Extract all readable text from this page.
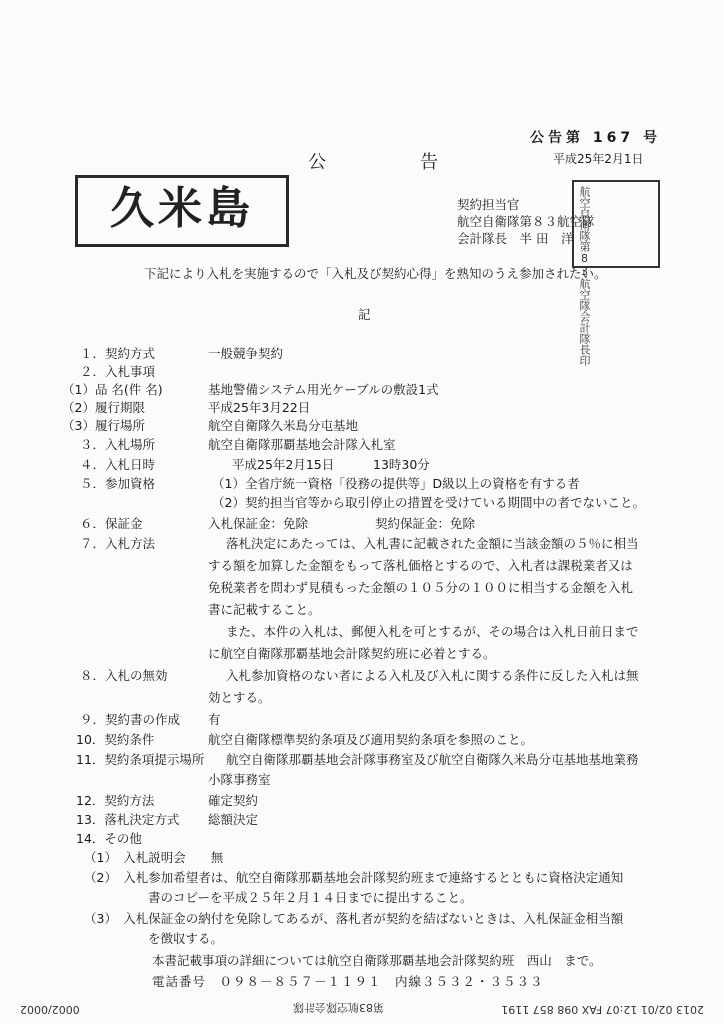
公告第 167 号
公　告	平成25年2月1日
久米島	契約担当官
航空自衛隊第８３航空隊
会計隊長　半 田　洋 航空自衛隊第83航空隊会計隊長印
下記により入札を実施するので「入札及び契約心得」を熟知のうえ参加されたい。
記
１．契約方式	一般競争契約
２．入札事項
（1）品 名(件 名)	基地警備システム用光ケーブルの敷設1式
（2）履行期限	平成25年3月22日
（3）履行場所	航空自衛隊久米島分屯基地
３．入札場所	航空自衛隊那覇基地会計隊入札室
４．入札日時	平成25年2月15日	13時30分
５．参加資格	（1）全省庁統一資格「役務の提供等」D級以上の資格を有する者
（2）契約担当官等から取引停止の措置を受けている期間中の者でないこと。
６．保証金	入札保証金：免除	契約保証金：免除
７．入札方法	落札決定にあたっては、入札書に記載された金額に当該金額の５％に相当
する額を加算した金額をもって落札価格とするので、入札者は課税業者又は
免税業者を問わず見積もった金額の１０５分の１００に相当する金額を入札
書に記載すること。
また、本件の入札は、郵便入札を可とするが、その場合は入札日前日まで
に航空自衛隊那覇基地会計隊契約班に必着とする。
８．入札の無効	入札参加資格のない者による入札及び入札に関する条件に反した入札は無
効とする。
９．契約書の作成 有
10．契約条件	航空自衛隊標準契約条項及び適用契約条項を参照のこと。
11．契約条項提示場所 航空自衛隊那覇基地会計隊事務室及び航空自衛隊久米島分屯基地基地業務
小隊事務室
12．契約方法	確定契約
13．落札決定方式 総額決定
14．その他
（1）　入札説明会　　無
（2）　入札参加希望者は、航空自衛隊那覇基地会計隊契約班まで連絡するとともに資格決定通知
書のコピーを平成２５年２月１４日までに提出すること。
（3）　入札保証金の納付を免除してあるが、落札者が契約を結ばないときは、入札保証金相当額
を徴収する。
本書記載事項の詳細については航空自衛隊那覇基地会計隊契約班　西山　まで。
電話番号　０９８－８５７－１１９１　内線３５３２・３５３３
2013 02/01 12:07 FAX 098 857 1191
第83航空隊会計隊
0002/0002
